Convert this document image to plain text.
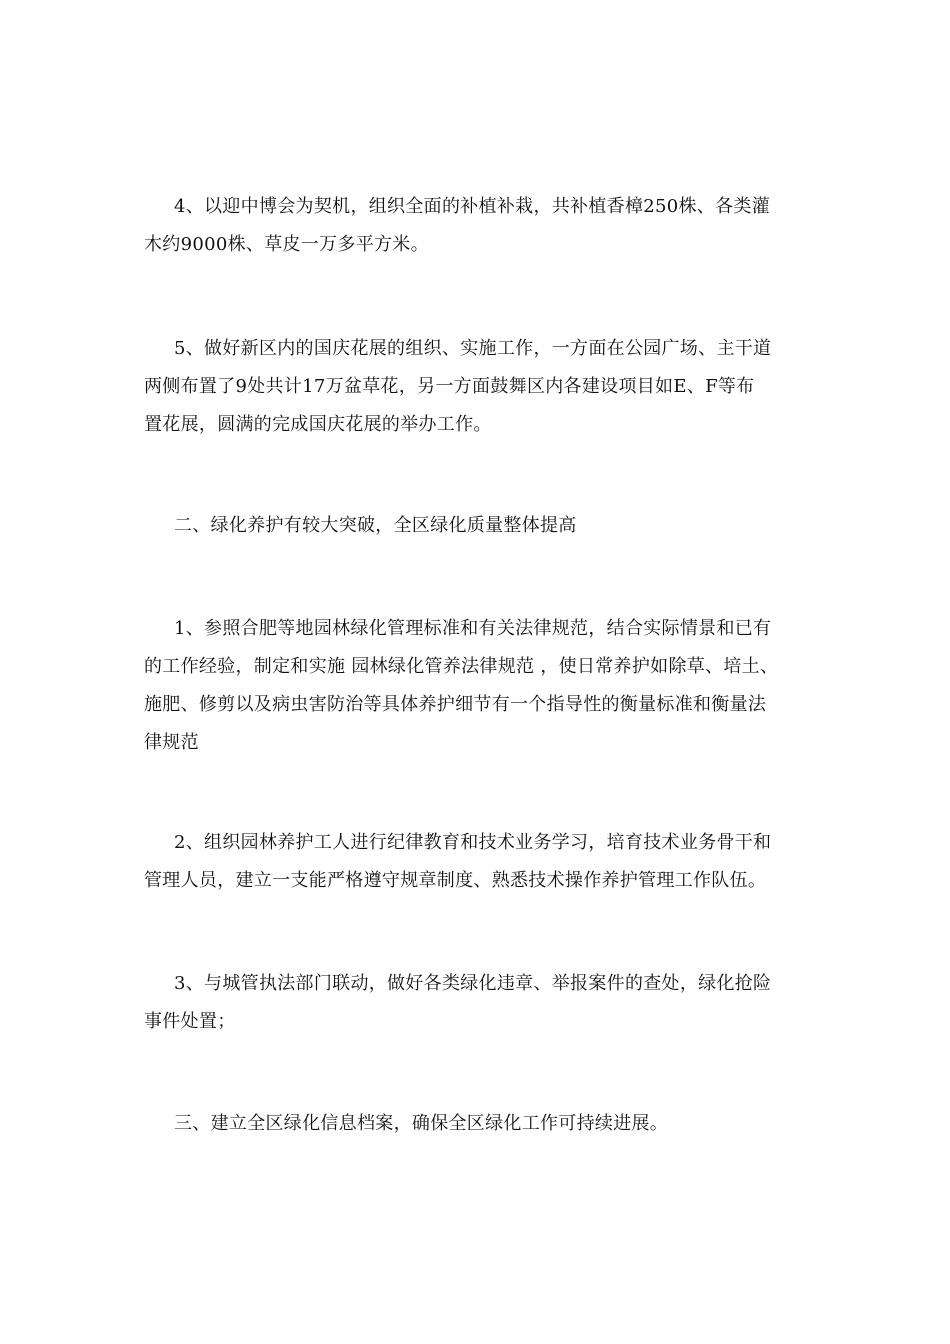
4、以迎中博会为契机，组织全面的补植补栽，共补植香樟250株、各类灌
木约9000株、草皮一万多平方米。
5、做好新区内的国庆花展的组织、实施工作，一方面在公园广场、主干道
两侧布置了9处共计17万盆草花，另一方面鼓舞区内各建设项目如E、F等布
置花展，圆满的完成国庆花展的举办工作。
二、绿化养护有较大突破，全区绿化质量整体提高
1、参照合肥等地园林绿化管理标准和有关法律规范，结合实际情景和已有
的工作经验，制定和实施 园林绿化管养法律规范 ，使日常养护如除草、培土、
施肥、修剪以及病虫害防治等具体养护细节有一个指导性的衡量标准和衡量法
律规范
2、组织园林养护工人进行纪律教育和技术业务学习，培育技术业务骨干和
管理人员，建立一支能严格遵守规章制度、熟悉技术操作养护管理工作队伍。
3、与城管执法部门联动，做好各类绿化违章、举报案件的查处，绿化抢险
事件处置；
三、建立全区绿化信息档案，确保全区绿化工作可持续进展。
